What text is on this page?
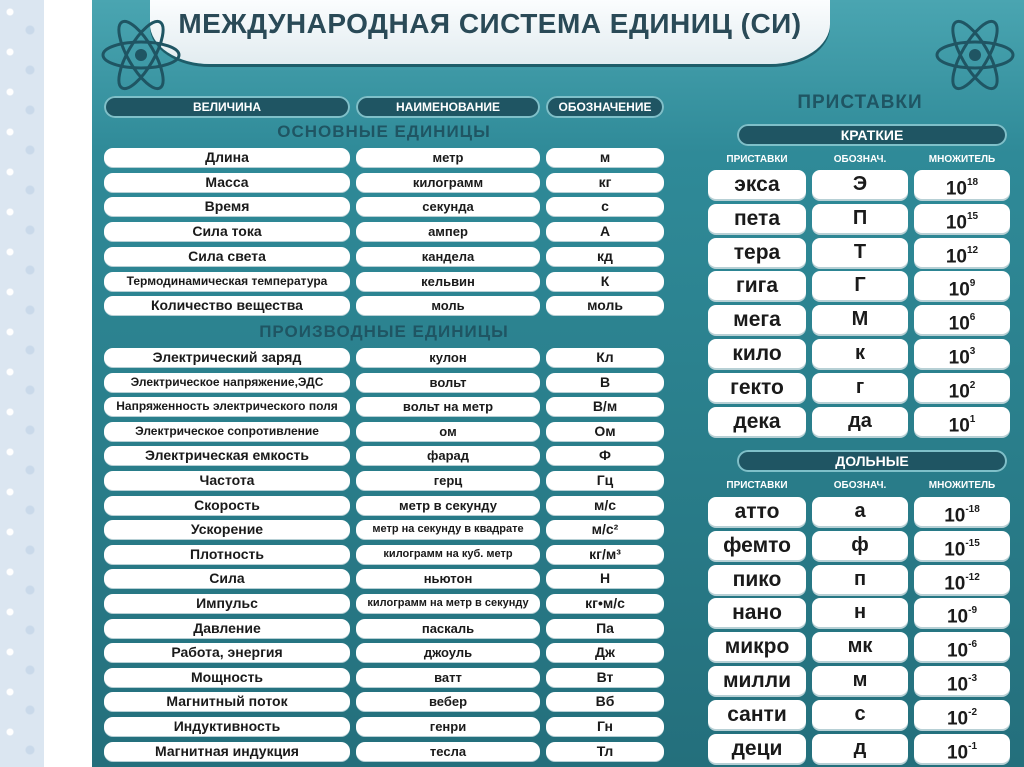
МЕЖДУНАРОДНАЯ СИСТЕМА ЕДИНИЦ (СИ)
ВЕЛИЧИНА	НАИМЕНОВАНИЕ	ОБОЗНАЧЕНИЕ
ОСНОВНЫЕ ЕДИНИЦЫ
Длина	метр	м
Масса	килограмм	кг
Время	секунда	с
Сила тока	ампер	А
Сила света	кандела	кд
Термодинамическая температура	кельвин	К
Количество вещества	моль	моль
ПРОИЗВОДНЫЕ ЕДИНИЦЫ
Электрический заряд	кулон	Кл
Электрическое напряжение,ЭДС	вольт	В
Напряженность электрического поля	вольт на метр	В/м
Электрическое сопротивление	ом	Ом
Электрическая емкость	фарад	Ф
Частота	герц	Гц
Скорость	метр в секунду	м/с
Ускорение	метр на секунду в квадрате	м/с²
Плотность	килограмм на куб. метр	кг/м³
Сила	ньютон	Н
Импульс	килограмм на метр в секунду	кг•м/с
Давление	паскаль	Па
Работа, энергия	джоуль	Дж
Мощность	ватт	Вт
Магнитный поток	вебер	Вб
Индуктивность	генри	Гн
Магнитная индукция	тесла	Тл
ПРИСТАВКИ
КРАТКИЕ
ПРИСТАВКИ	ОБОЗНАЧ.	МНОЖИТЕЛЬ
экса	Э	$10^{18}$
пета	П	$10^{15}$
тера	Т	$10^{12}$
гига	Г	$10^9$
мега	М	$10^6$
кило	к	$10^3$
гекто	г	$10^2$
дека	да	$10^1$
ДОЛЬНЫЕ
ПРИСТАВКИ	ОБОЗНАЧ.	МНОЖИТЕЛЬ
атто	а	$10^{-18}$
фемто	ф	$10^{-15}$
пико	п	$10^{-12}$
нано	н	$10^{-9}$
микро	мк	$10^{-6}$
милли	м	$10^{-3}$
санти	с	$10^{-2}$
деци	д	$10^{-1}$
